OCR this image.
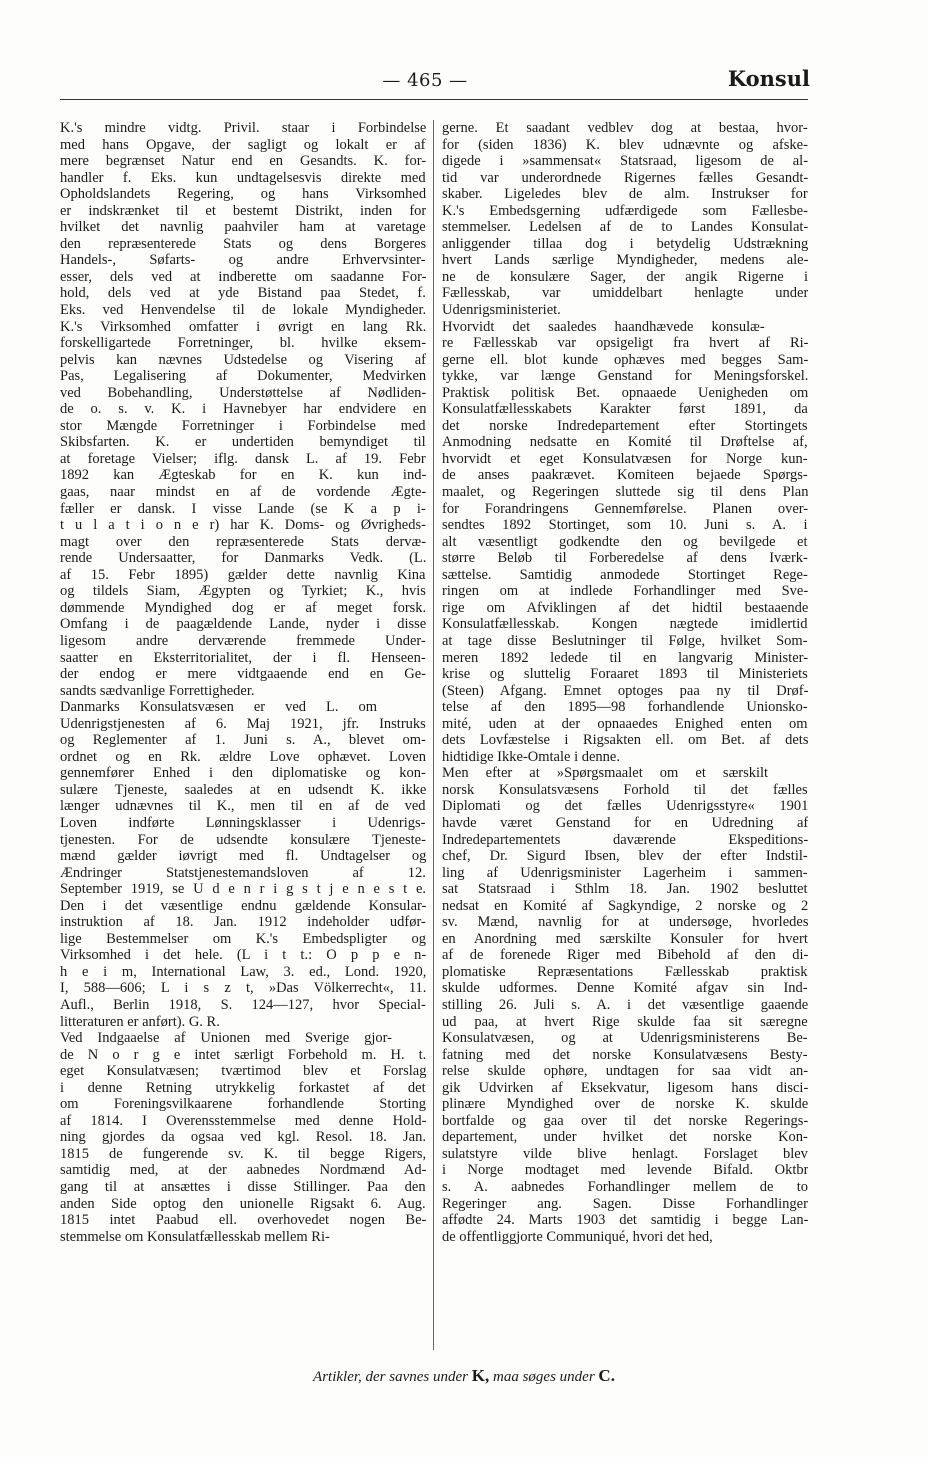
— 465 —	Konsul
K.'s mindre vidtg. Privil. staar i Forbindelse
med hans Opgave, der sagligt og lokalt er af
mere begrænset Natur end en Gesandts. K. for-
handler f. Eks. kun undtagelsesvis direkte med
Opholdslandets Regering, og hans Virksomhed
er indskrænket til et bestemt Distrikt, inden for
hvilket det navnlig paahviler ham at varetage
den repræsenterede Stats og dens Borgeres
Handels-, Søfarts- og andre Erhvervsinter-
esser, dels ved at indberette om saadanne For-
hold, dels ved at yde Bistand paa Stedet, f.
Eks. ved Henvendelse til de lokale Myndigheder.
K.'s Virksomhed omfatter i øvrigt en lang Rk.
forskelligartede Forretninger, bl. hvilke eksem-
pelvis kan nævnes Udstedelse og Visering af
Pas, Legalisering af Dokumenter, Medvirken
ved Bobehandling, Understøttelse af Nødliden-
de o. s. v. K. i Havnebyer har endvidere en
stor Mængde Forretninger i Forbindelse med
Skibsfarten. K. er undertiden bemyndiget til
at foretage Vielser; iflg. dansk L. af 19. Febr
1892 kan Ægteskab for en K. kun ind-
gaas, naar mindst en af de vordende Ægte-
fæller er dansk. I visse Lande (se K a p i-
t u l a t i o n e r) har K. Doms- og Øvrigheds-
magt over den repræsenterede Stats dervæ-
rende Undersaatter, for Danmarks Vedk. (L.
af 15. Febr 1895) gælder dette navnlig Kina
og tildels Siam, Ægypten og Tyrkiet; K., hvis
dømmende Myndighed dog er af meget forsk.
Omfang i de paagældende Lande, nyder i disse
ligesom andre derværende fremmede Under-
saatter en Eksterritorialitet, der i fl. Henseen-
der endog er mere vidtgaaende end en Ge-
sandts sædvanlige Forrettigheder.
Danmarks Konsulatsvæsen er ved L. om
Udenrigstjenesten af 6. Maj 1921, jfr. Instruks
og Reglementer af 1. Juni s. A., blevet om-
ordnet og en Rk. ældre Love ophævet. Loven
gennemfører Enhed i den diplomatiske og kon-
sulære Tjeneste, saaledes at en udsendt K. ikke
længer udnævnes til K., men til en af de ved
Loven indførte Lønningsklasser i Udenrigs-
tjenesten. For de udsendte konsulære Tjeneste-
mænd gælder iøvrigt med fl. Undtagelser og
Ændringer Statstjenestemandsloven af 12.
September 1919, se U d e n r i g s t j e n e s t e.
Den i det væsentlige endnu gældende Konsular-
instruktion af 18. Jan. 1912 indeholder udfør-
lige Bestemmelser om K.'s Embedspligter og
Virksomhed i det hele. (L i t t.: O p p e n-
h e i m, International Law, 3. ed., Lond. 1920,
I, 588—606; L i s z t, »Das Völkerrecht«, 11.
Aufl., Berlin 1918, S. 124—127, hvor Special-
litteraturen er anført). G. R.
Ved Indgaaelse af Unionen med Sverige gjor-
de N o r g e intet særligt Forbehold m. H. t.
eget Konsulatvæsen; tværtimod blev et Forslag
i denne Retning utrykkelig forkastet af det
om Foreningsvilkaarene forhandlende Storting
af 1814. I Overensstemmelse med denne Hold-
ning gjordes da ogsaa ved kgl. Resol. 18. Jan.
1815 de fungerende sv. K. til begge Rigers,
samtidig med, at der aabnedes Nordmænd Ad-
gang til at ansættes i disse Stillinger. Paa den
anden Side optog den unionelle Rigsakt 6. Aug.
1815 intet Paabud ell. overhovedet nogen Be-
stemmelse om Konsulatfællesskab mellem Ri-
gerne. Et saadant vedblev dog at bestaa, hvor-
for (siden 1836) K. blev udnævnte og afske-
digede i »sammensat« Statsraad, ligesom de al-
tid var underordnede Rigernes fælles Gesandt-
skaber. Ligeledes blev de alm. Instrukser for
K.'s Embedsgerning udfærdigede som Fællesbe-
stemmelser. Ledelsen af de to Landes Konsulat-
anliggender tillaa dog i betydelig Udstrækning
hvert Lands særlige Myndigheder, medens ale-
ne de konsulære Sager, der angik Rigerne i
Fællesskab, var umiddelbart henlagte under
Udenrigsministeriet.
Hvorvidt det saaledes haandhævede konsulæ-
re Fællesskab var opsigeligt fra hvert af Ri-
gerne ell. blot kunde ophæves med begges Sam-
tykke, var længe Genstand for Meningsforskel.
Praktisk politisk Bet. opnaaede Uenigheden om
Konsulatfællesskabets Karakter først 1891, da
det norske Indredepartement efter Stortingets
Anmodning nedsatte en Komité til Drøftelse af,
hvorvidt et eget Konsulatvæsen for Norge kun-
de anses paakrævet. Komiteen bejaede Spørgs-
maalet, og Regeringen sluttede sig til dens Plan
for Forandringens Gennemførelse. Planen over-
sendtes 1892 Stortinget, som 10. Juni s. A. i
alt væsentligt godkendte den og bevilgede et
større Beløb til Forberedelse af dens Iværk-
sættelse. Samtidig anmodede Stortinget Rege-
ringen om at indlede Forhandlinger med Sve-
rige om Afviklingen af det hidtil bestaaende
Konsulatfællesskab. Kongen nægtede imidlertid
at tage disse Beslutninger til Følge, hvilket Som-
meren 1892 ledede til en langvarig Minister-
krise og sluttelig Foraaret 1893 til Ministeriets
(Steen) Afgang. Emnet optoges paa ny til Drøf-
telse af den 1895—98 forhandlende Unionsko-
mité, uden at der opnaaedes Enighed enten om
dets Lovfæstelse i Rigsakten ell. om Bet. af dets
hidtidige Ikke-Omtale i denne.
Men efter at »Spørgsmaalet om et særskilt
norsk Konsulatsvæsens Forhold til det fælles
Diplomati og det fælles Udenrigsstyre« 1901
havde været Genstand for en Udredning af
Indredepartementets daværende Ekspeditions-
chef, Dr. Sigurd Ibsen, blev der efter Indstil-
ling af Udenrigsminister Lagerheim i sammen-
sat Statsraad i Sthlm 18. Jan. 1902 besluttet
nedsat en Komité af Sagkyndige, 2 norske og 2
sv. Mænd, navnlig for at undersøge, hvorledes
en Anordning med særskilte Konsuler for hvert
af de forenede Riger med Bibehold af den di-
plomatiske Repræsentations Fællesskab praktisk
skulde udformes. Denne Komité afgav sin Ind-
stilling 26. Juli s. A. i det væsentlige gaaende
ud paa, at hvert Rige skulde faa sit særegne
Konsulatvæsen, og at Udenrigsministerens Be-
fatning med det norske Konsulatvæsens Besty-
relse skulde ophøre, undtagen for saa vidt an-
gik Udvirken af Eksekvatur, ligesom hans disci-
plinære Myndighed over de norske K. skulde
bortfalde og gaa over til det norske Regerings-
departement, under hvilket det norske Kon-
sulatstyre vilde blive henlagt. Forslaget blev
i Norge modtaget med levende Bifald. Oktbr
s. A. aabnedes Forhandlinger mellem de to
Regeringer ang. Sagen. Disse Forhandlinger
affødte 24. Marts 1903 det samtidig i begge Lan-
de offentliggjorte Communiqué, hvori det hed,
Artikler, der savnes under K, maa søges under C.
